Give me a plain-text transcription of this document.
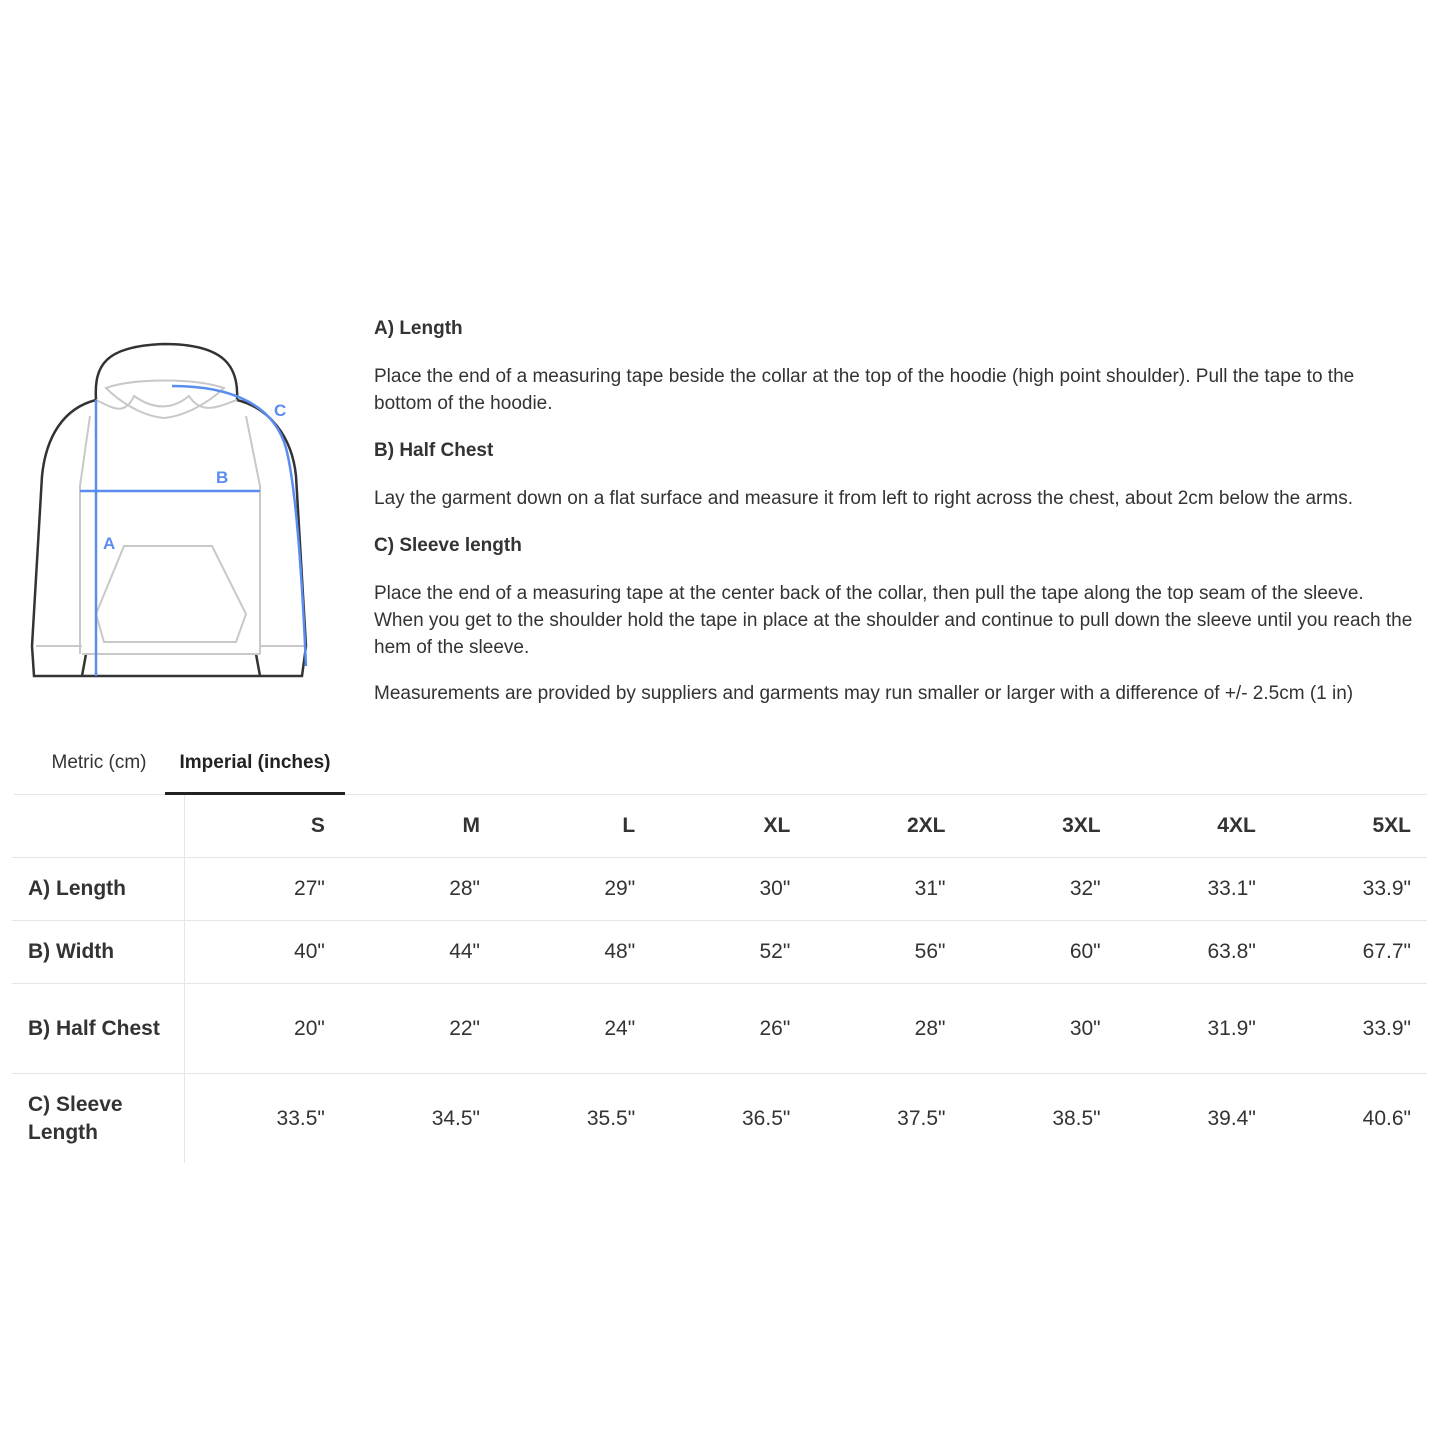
A
B
C
A) Length

Place the end of a measuring tape beside the collar at the top of the hoodie (high point shoulder). Pull the tape to the bottom of the hoodie.

B) Half Chest

Lay the garment down on a flat surface and measure it from left to right across the chest, about 2cm below the arms.

C) Sleeve length

Place the end of a measuring tape at the center back of the collar, then pull the tape along the top seam of the sleeve. When you get to the shoulder hold the tape in place at the shoulder and continue to pull down the sleeve until you reach the hem of the sleeve.

Measurements are provided by suppliers and garments may run smaller or larger with a difference of +/- 2.5cm (1 in)

Metric (cm)	Imperial (inches)
	S	M	L	XL	2XL	3XL	4XL	5XL
A) Length	27"	28"	29"	30"	31"	32"	33.1"	33.9"
B) Width	40"	44"	48"	52"	56"	60"	63.8"	67.7"
B) Half Chest	20"	22"	24"	26"	28"	30"	31.9"	33.9"
C) Sleeve Length	33.5"	34.5"	35.5"	36.5"	37.5"	38.5"	39.4"	40.6"
